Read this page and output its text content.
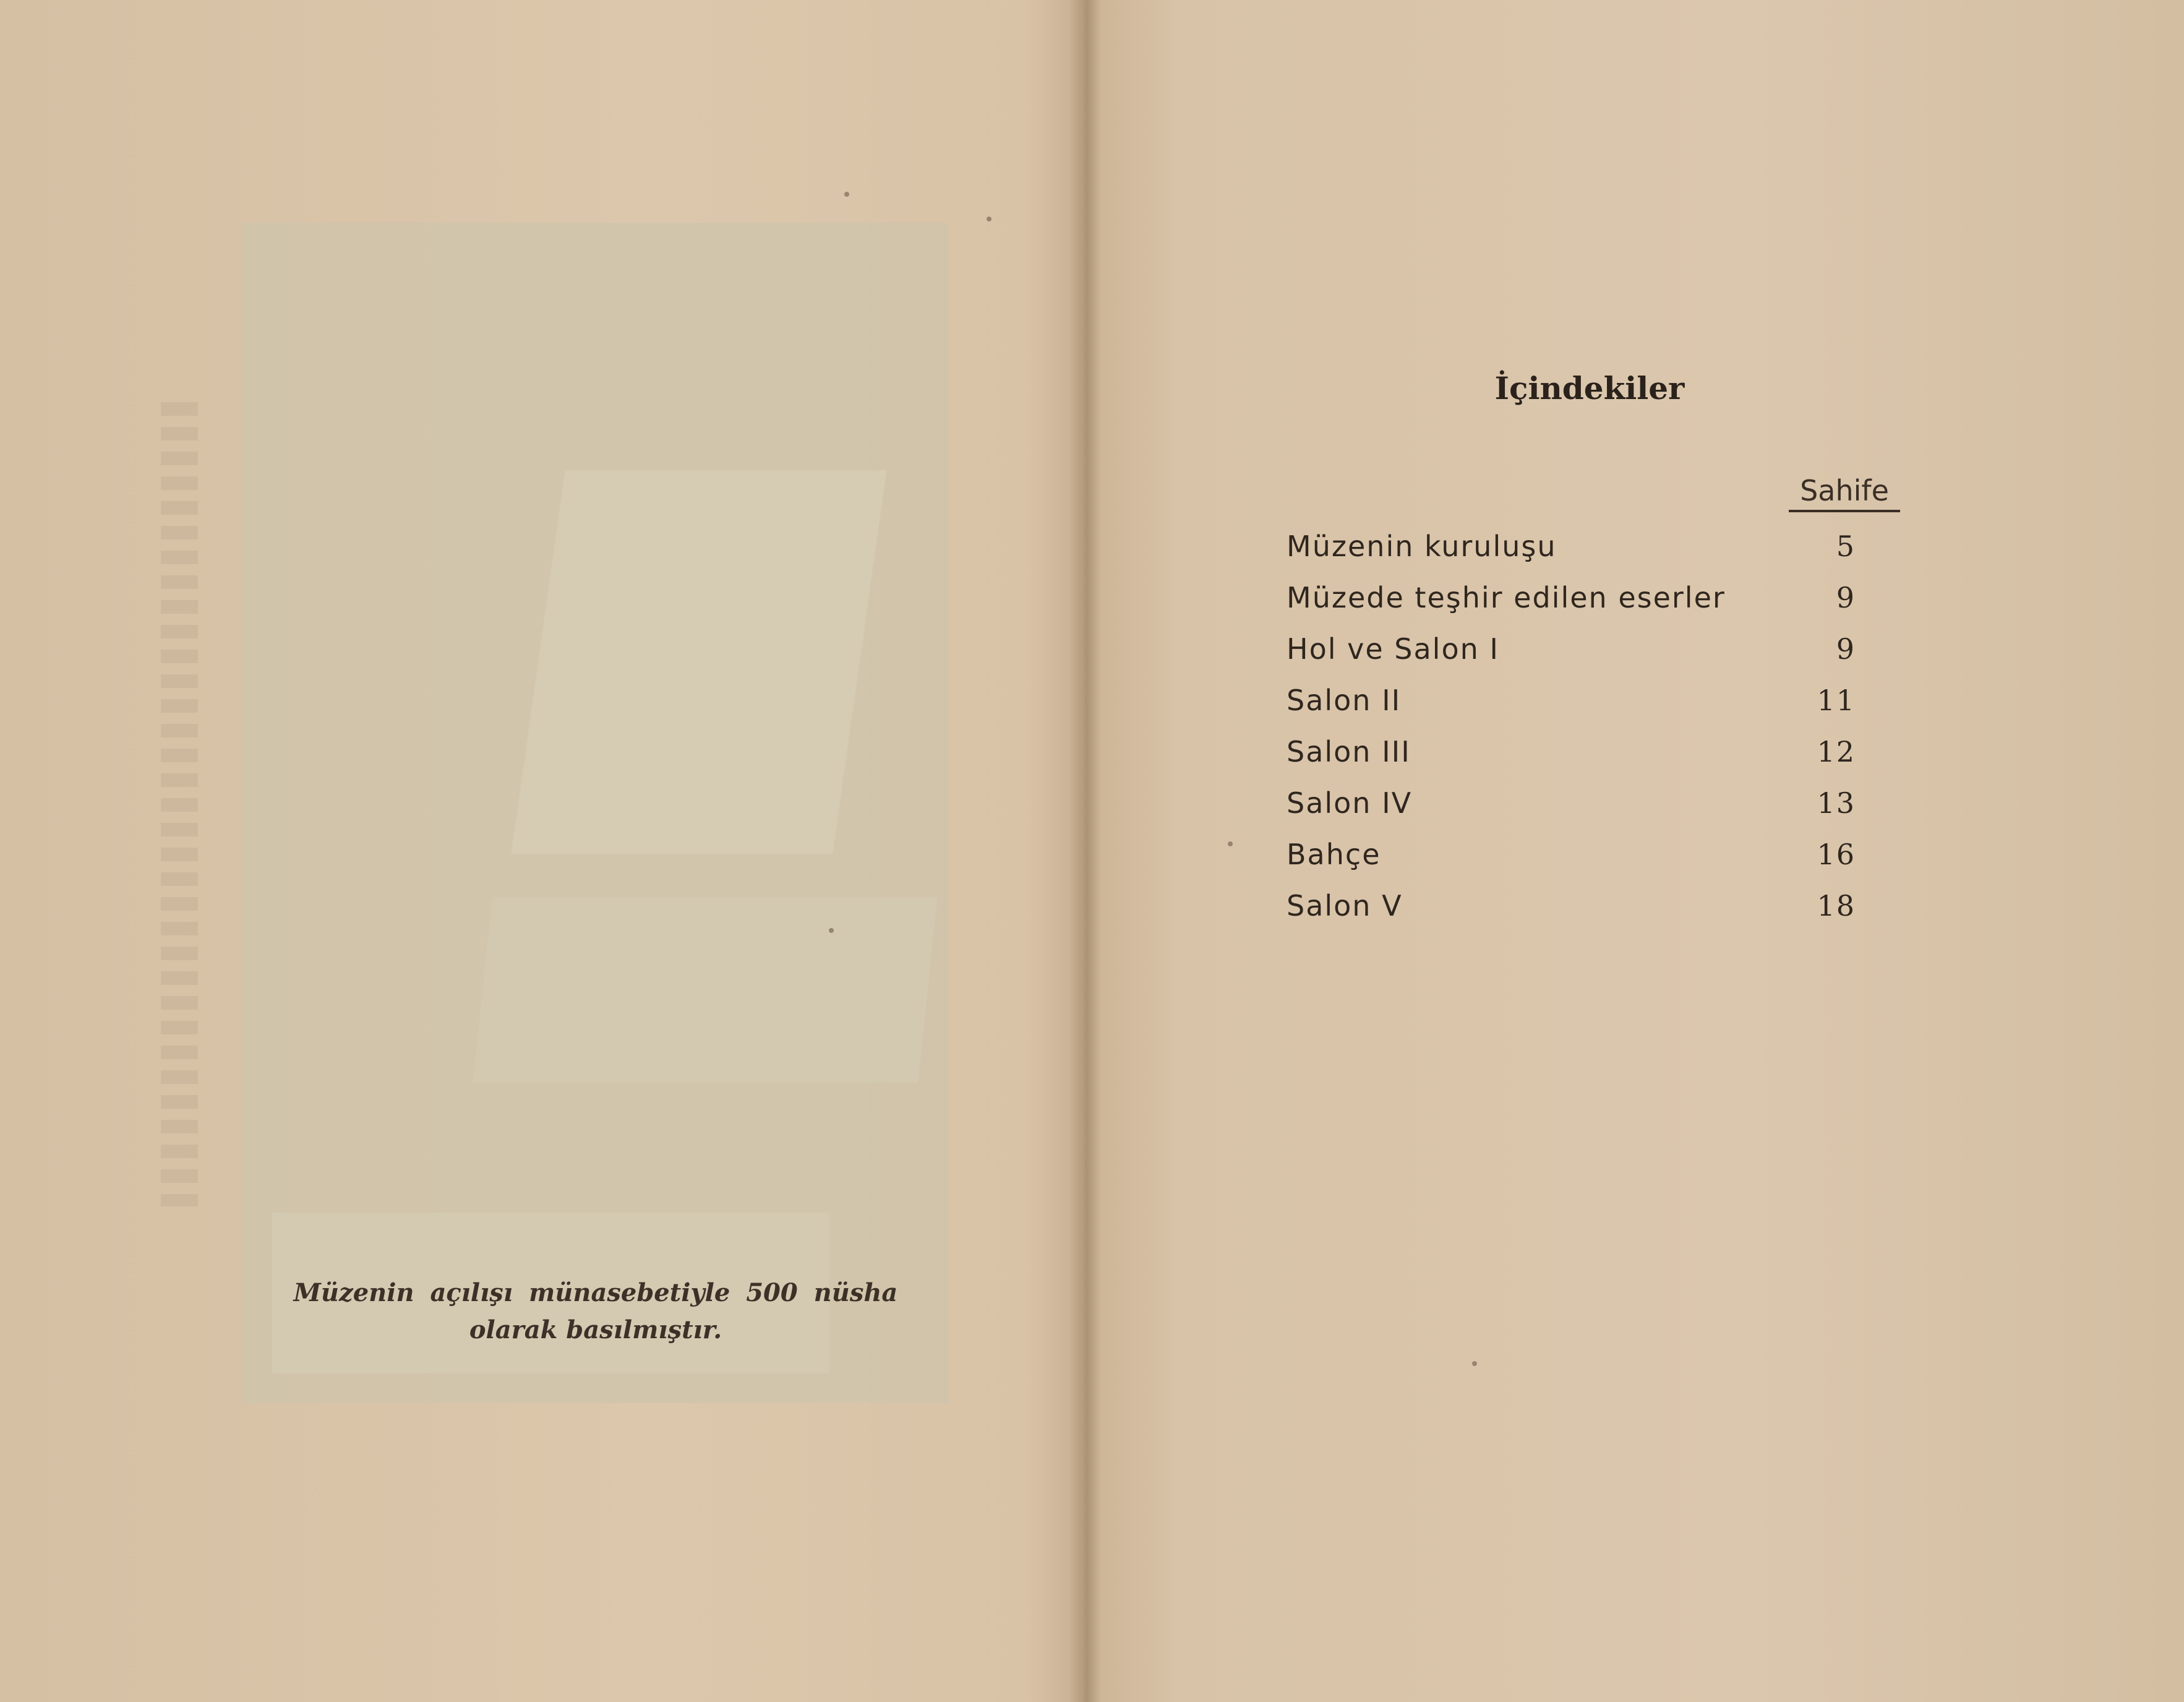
Müzenin açılışı münasebetiyle 500 nüsha
olarak basılmıştır.

İçindekiler
Sahife
Müzenin kuruluşu	5
Müzede teşhir edilen eserler	9
Hol ve Salon I	9
Salon II	11
Salon III	12
Salon IV	13
Bahçe	16
Salon V	18
